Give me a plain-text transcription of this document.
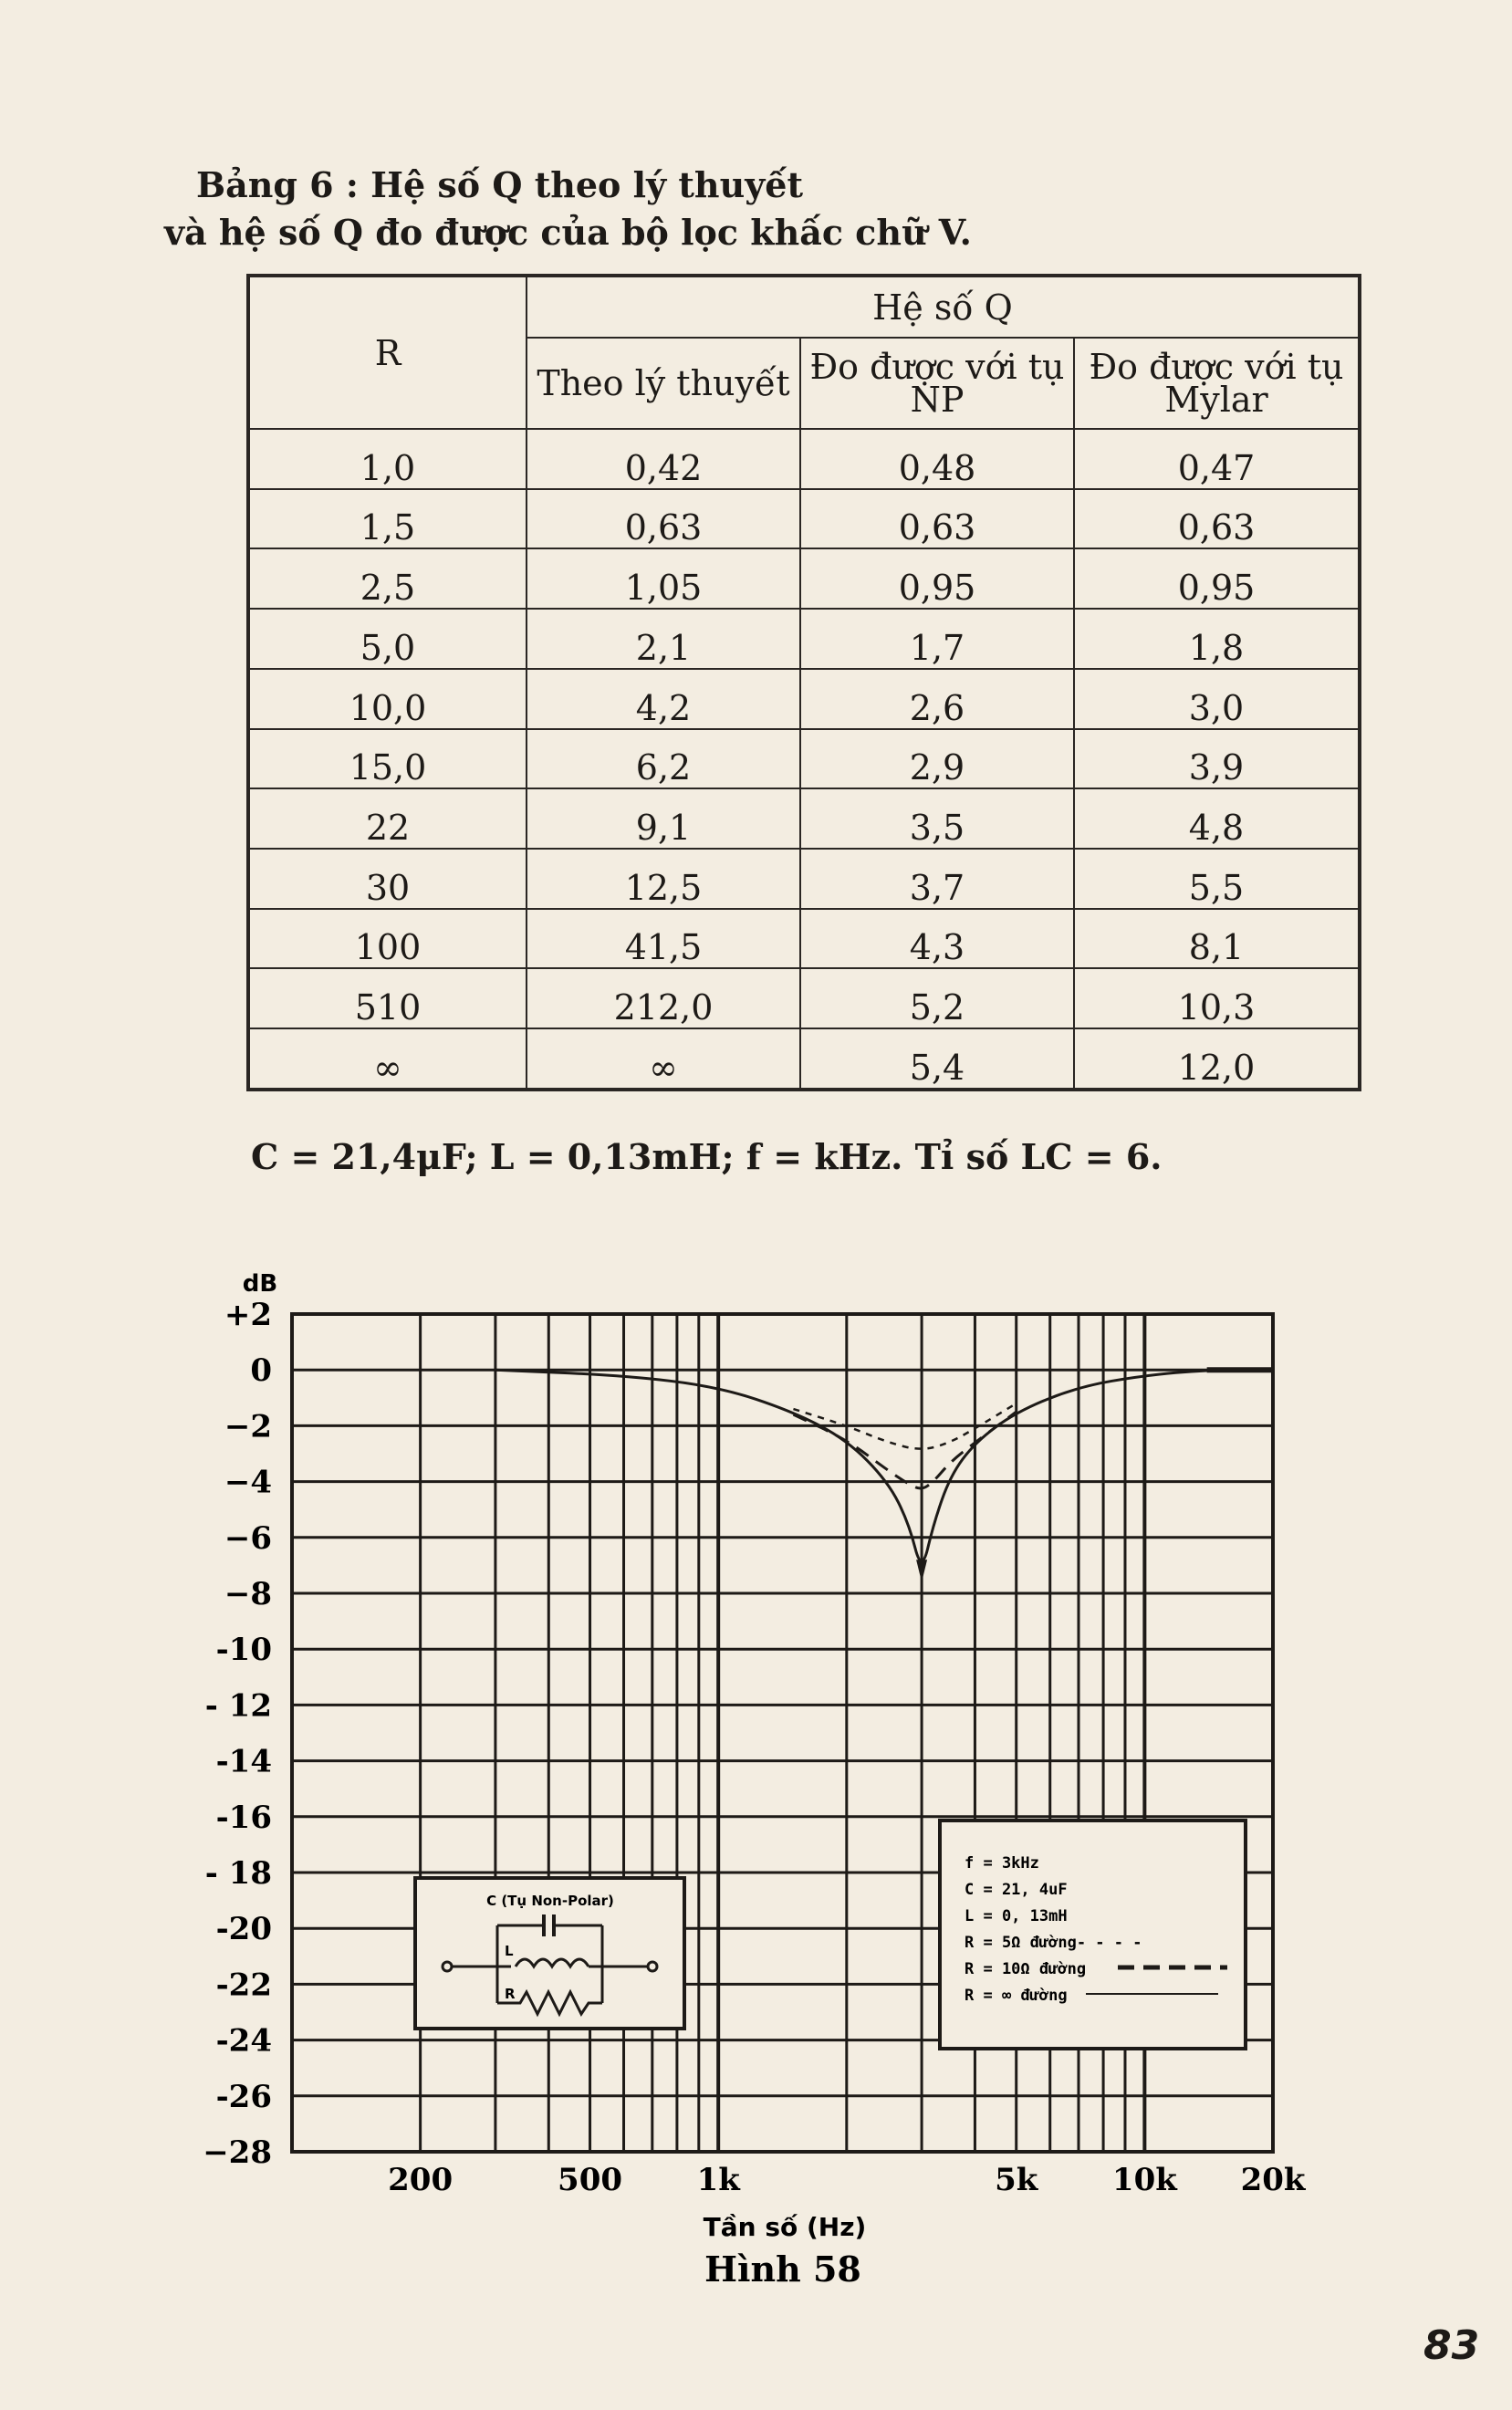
Bảng 6 : Hệ số Q theo lý thuyết
và hệ số Q đo được của bộ lọc khấc chữ V.
R	Hệ số Q		
	Theo lý thuyết	Đo được với tụ NP	Đo được với tụ Mylar
1,0	0,42	0,48	0,47
1,5	0,63	0,63	0,63
2,5	1,05	0,95	0,95
5,0	2,1	1,7	1,8
10,0	4,2	2,6	3,0
15,0	6,2	2,9	3,9
22	9,1	3,5	4,8
30	12,5	3,7	5,5
100	41,5	4,3	8,1
510	212,0	5,2	10,3
∞	∞	5,4	12,0
C = 21,4μF; L = 0,13mH; f = kHz. Tỉ số LC = 6.
+2
0
−2
−4
−6
−8
-10
- 12
-14
-16
- 18
-20
-22
-24
-26
−28
200	500 1k	5k 10k 20k
dB
Tần số (Hz)
Hình 58
C (Tụ Non-Polar)
L
R
f = 3kHz
C = 21, 4uF
L = 0, 13mH
R = 5Ω đường- - - -
R = 10Ω đường
R = ∞ đường
83
